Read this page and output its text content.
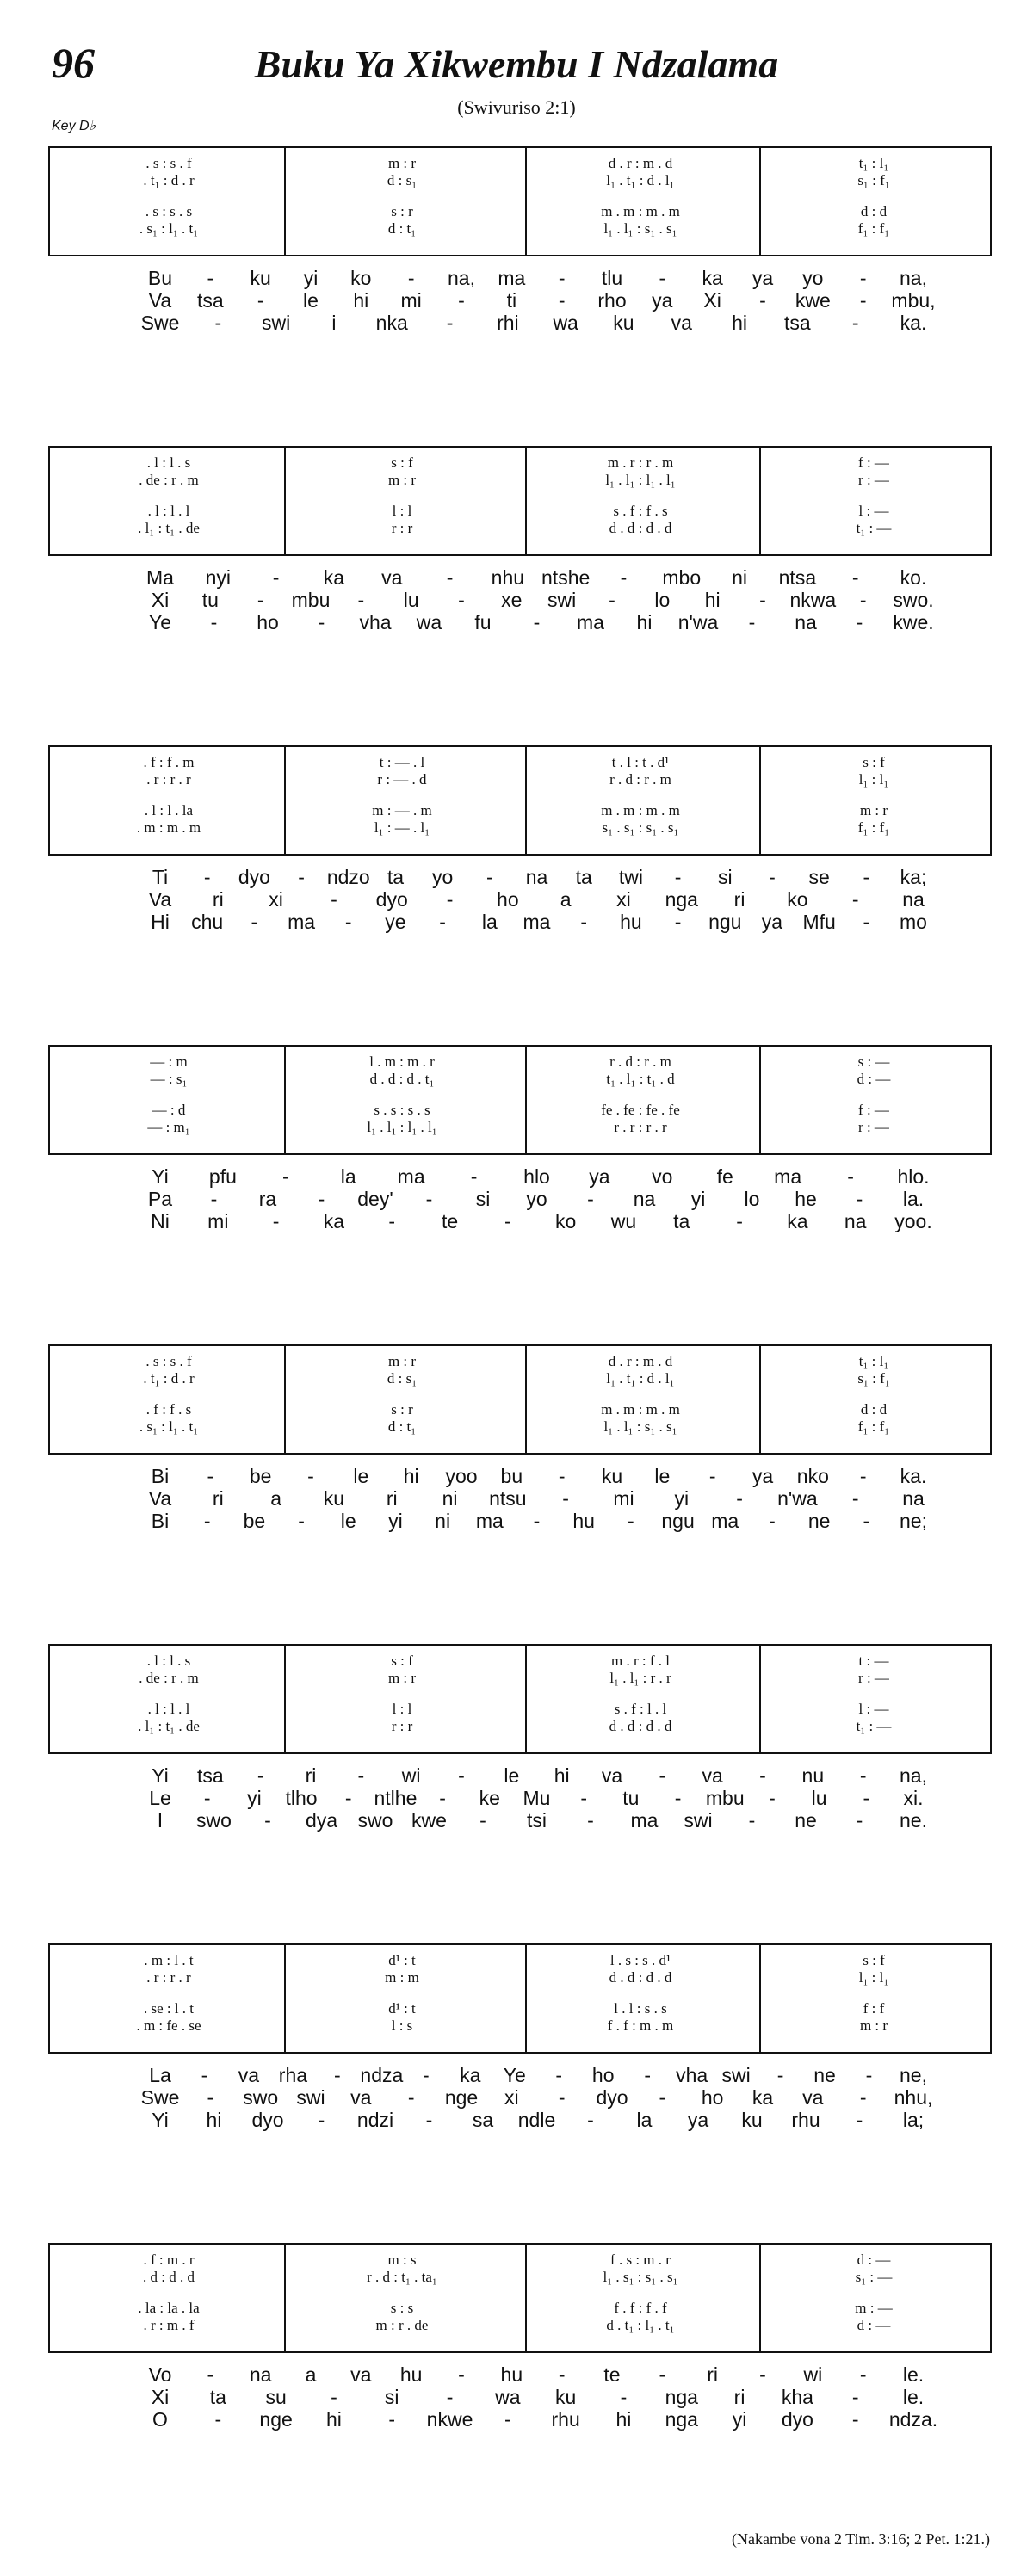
96	Buku Ya Xikwembu I Ndzalama
(Swivuriso 2:1)
Key D♭
. s : s . f	m : r	d . r : m . d	t₁ : l₁
. t₁ : d . r	d : s₁	l₁ . t₁ : d . l₁	s₁ : f₁
. s : s . s	s : r	m . m : m . m	d : d
. s₁ : l₁ . t₁	d : t₁	l₁ . l₁ : s₁ . s₁	f₁ : f₁
Bu - ku yi ko - na, ma - tlu - ka ya yo - na,
Va tsa - le hi mi - ti - rho ya Xi - kwe - mbu,
Swe - swi i nka - rhi wa ku va hi tsa - ka.
. l : l . s	s : f	m . r : r . m	f : —
. de : r . m	m : r	l₁ . l₁ : l₁ . l₁	r : —
. l : l . l	l : l	s . f : f . s	l : —
. l₁ : t₁ . de	r : r	d . d : d . d	t₁ : —
Ma nyi - ka va - nhu ntshe - mbo ni ntsa - ko.
Xi tu - mbu - lu - xe swi - lo hi - nkwa - swo.
Ye - ho - vha wa fu - ma hi n'wa - na - kwe.
. f : f . m	t : — . l	t . l : t . d¹	s : f
. r : r . r	r : — . d	r . d : r . m	l₁ : l₁
. l : l . la	m : — . m	m . m : m . m	m : r
. m : m . m	l₁ : — . l₁	s₁ . s₁ : s₁ . s₁	f₁ : f₁
Ti - dyo - ndzo ta yo - na ta twi - si - se - ka;
Va ri xi - dyo - ho a xi nga ri ko - na
Hi chu - ma - ye - la ma - hu - ngu ya Mfu - mo
— : m	l . m : m . r	r . d : r . m	s : —
— : s₁	d . d : d . t₁	t₁ . l₁ : t₁ . d	d : —
— : d	s . s : s . s	fe . fe : fe . fe	f : —
— : m₁	l₁ . l₁ : l₁ . l₁	r . r : r . r	r : —
Yi pfu -	la ma - hlo ya vo fe ma - hlo.
Pa - ra - dey' - si yo - na yi lo he - la.
Ni mi - ka - te - ko wu ta - ka na yoo.
. s : s . f	m : r	d . r : m . d	t₁ : l₁
. t₁ : d . r	d : s₁	l₁ . t₁ : d . l₁	s₁ : f₁
. f : f . s	s : r	m . m : m . m	d : d
. s₁ : l₁ . t₁	d : t₁	l₁ . l₁ : s₁ . s₁	f₁ : f₁
Bi - be - le hi yoo bu - ku le - ya nko - ka.
Va ri a ku ri ni ntsu - mi yi - n'wa - na
Bi - be - le yi ni ma - hu - ngu ma - ne - ne;
. l : l . s	s : f	m . r : f . l	t : —
. de : r . m	m : r	l₁ . l₁ : r . r	r : —
. l : l . l	l : l	s . f : l . l	l : —
. l₁ : t₁ . de	r : r	d . d : d . d	t₁ : —
Yi tsa - ri - wi - le hi va - va - nu - na,
Le - yi tlho - ntlhe - ke Mu - tu - mbu - lu - xi.
I swo - dya swo kwe - tsi - ma swi - ne - ne.
. m : l . t	d¹ : t	l . s : s . d¹	s : f
. r : r . r	m : m	d . d : d . d	l₁ : l₁
. se : l . t	d¹ : t	l . l : s . s	f : f
. m : fe . se	l : s	f . f : m . m	m : r
La - va rha - ndza - ka Ye - ho - vha swi - ne - ne,
Swe - swo swi va - nge xi - dyo - ho ka va - nhu,
Yi hi dyo - ndzi - sa ndle - la ya ku rhu - la;
. f : m . r	m : s	f . s : m . r	d : —
. d : d . d	r . d : t₁ . ta₁	l₁ . s₁ : s₁ . s₁	s₁ : —
. la : la . la	s : s	f . f : f . f	m : —
. r : m . f	m : r . de	d . t₁ : l₁ . t₁	d : —
Vo - na a va hu - hu - te - ri - wi - le.
Xi ta su - si - wa ku - nga ri kha - le.
O - nge hi - nkwe - rhu hi nga yi dyo - ndza.
(Nakambe vona 2 Tim. 3:16; 2 Pet. 1:21.)
